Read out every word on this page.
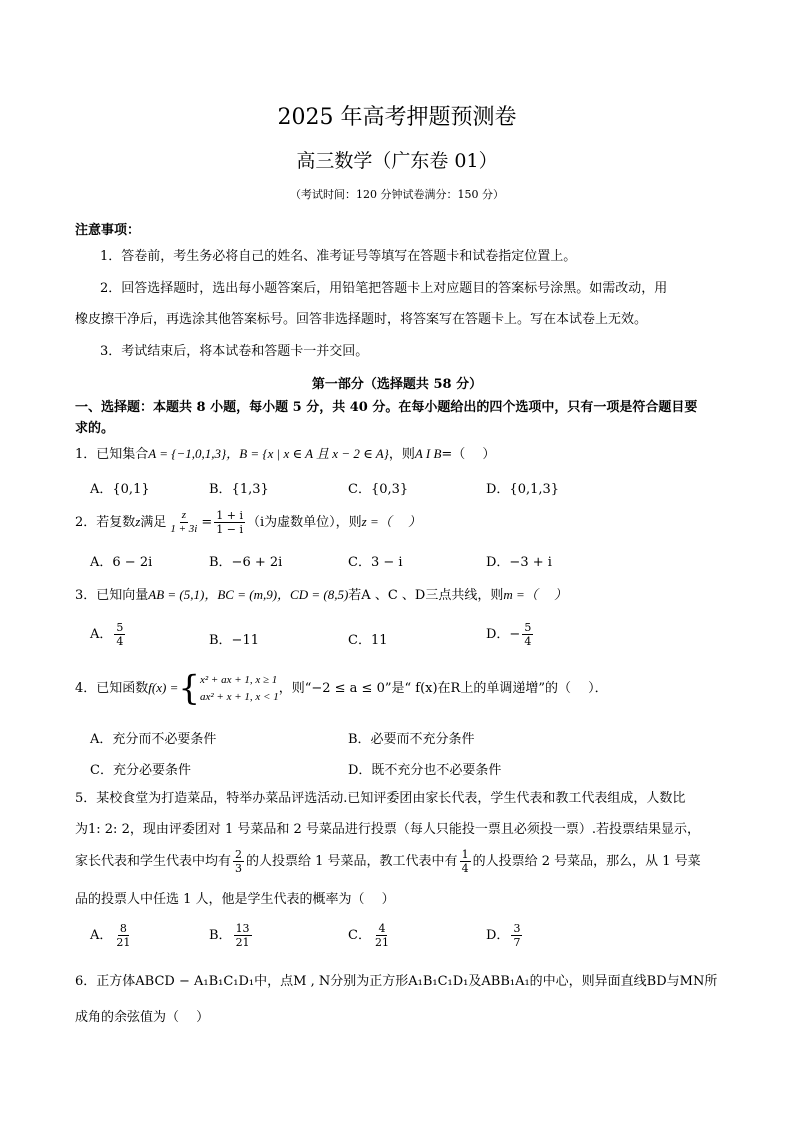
2025 年高考押题预测卷
高三数学（广东卷 01）
（考试时间：120 分钟试卷满分：150 分）
注意事项：
1．答卷前，考生务必将自己的姓名、准考证号等填写在答题卡和试卷指定位置上。
2．回答选择题时，选出每小题答案后，用铅笔把答题卡上对应题目的答案标号涂黑。如需改动，用
橡皮擦干净后，再选涂其他答案标号。回答非选择题时，将答案写在答题卡上。写在本试卷上无效。
3．考试结束后，将本试卷和答题卡一并交回。
第一部分（选择题共 58 分）
一、选择题：本题共 8 小题，每小题 5 分，共 40 分。在每小题给出的四个选项中，只有一项是符合题目要
求的。
1．已知集合A = {−1,0,1,3}，B = {x | x ∈ A 且 x − 2 ∈ A}，则A I B=（　 ）
A．{0,1}	B．{1,3}	C．{0,3}	D．{0,1,3}
2．若复数z满足 $\frac{z}{1 + 3i} = \frac{1 + i}{1 - i} (i$为虚数单位），则z =（　 ）
A．6 − 2i	B．−6 + 2i	C．3 − i	D．−3 + i
3．已知向量AB = (5,1)，BC = (m,9)，CD = (8,5)若A 、C 、D三点共线，则m =（　 ）
A． $\frac{5}{4}$	B．−11	C．11	D．− $\frac{5}{4}$
4．已知函数f(x) ={ x² + ax + 1, x ≥ 1
ax² + x + 1, x < 1
，则“−2 ≤ a ≤ 0”是“ f(x)在R上的单调递增”的（　 ）．
A．充分而不必要条件	B．必要而不充分条件
C．充分必要条件	D．既不充分也不必要条件
5．某校食堂为打造菜品，特举办菜品评选活动.已知评委团由家长代表，学生代表和教工代表组成，人数比
为1: 2: 2，现由评委团对 1 号菜品和 2 号菜品进行投票（每人只能投一票且必须投一票）.若投票结果显示，
家长代表和学生代表中均有 $\frac{2}{3}$ 的人投票给 1 号菜品，教工代表中有 $\frac{1}{4}$ 的人投票给 2 号菜品，那么，从 1 号菜
品的投票人中任选 1 人，他是学生代表的概率为（　 ）
A． $\frac{8}{21}$	B． $\frac{13}{21}$	C． $\frac{4}{21}$	D． $\frac{3}{7}$
6．正方体ABCD − A₁B₁C₁D₁中，点M , N分别为正方形A₁B₁C₁D₁及ABB₁A₁的中心，则异面直线BD与MN所
成角的余弦值为（　 ）
